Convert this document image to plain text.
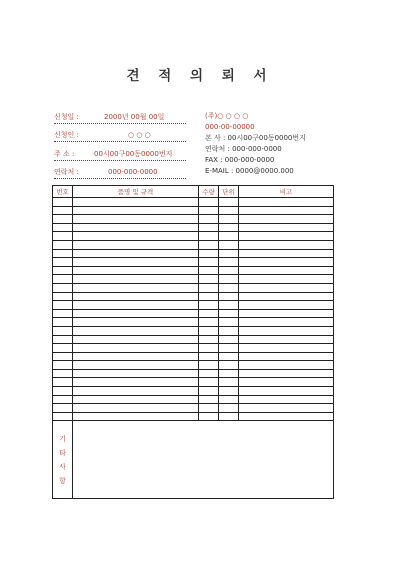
견 적 의 뢰 서
신청일 :	2000년 00월 00일
신청인 :	○ ○ ○
주 소 :	00시00구00동0000번지
연락처 :	000-000-0000
(주)○ ○ ○ ○
000-00-00000
본 사 : 00시00구00동0000번지
연락처 : 000-000-0000
FAX : 000-000-0000
E-MAIL : 0000@0000.000
번호	품명 및 규격	수량	단위	비고

기
타
사
항				
